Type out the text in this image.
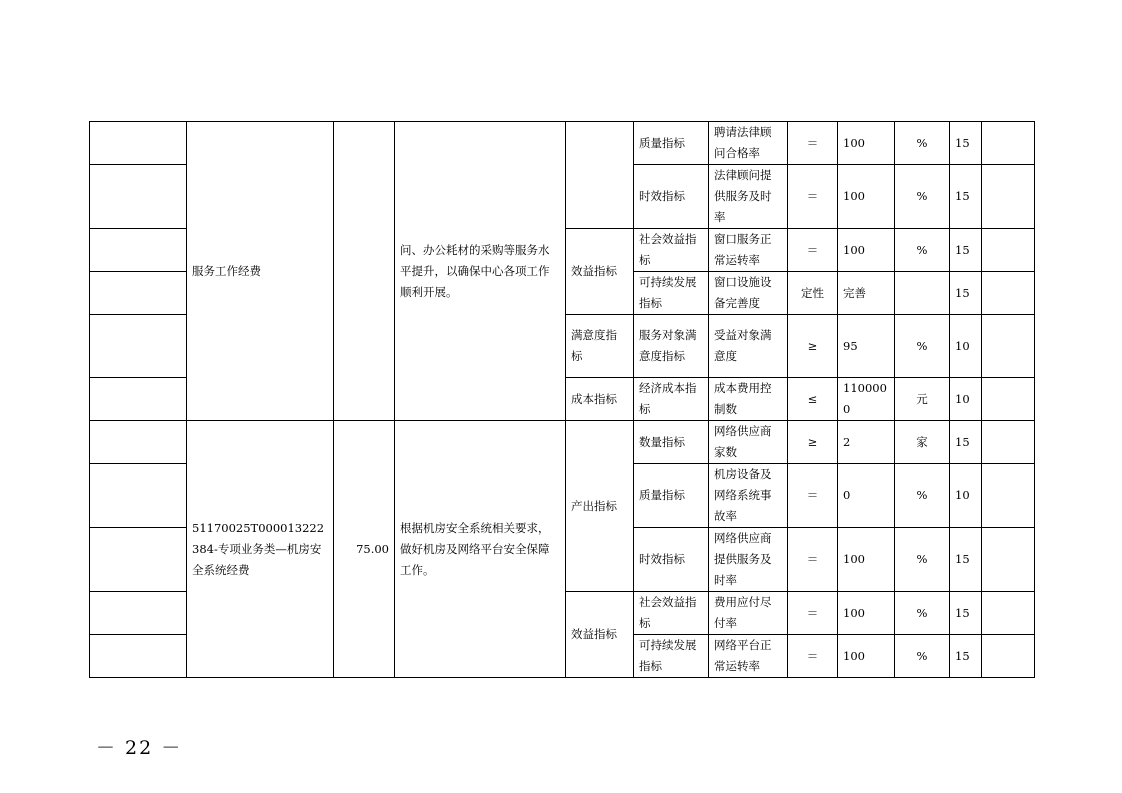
	服务工作经费		问、办公耗材的采购等服务水平提升，以确保中心各项工作顺利开展。		质量指标	聘请法律顾问合格率	＝	100	%	15	
					时效指标	法律顾问提供服务及时率	＝	100	%	15	
				效益指标	社会效益指标	窗口服务正常运转率	＝	100	%	15	
					可持续发展指标	窗口设施设备完善度	定性	完善		15	
				满意度指标	服务对象满意度指标	受益对象满意度	≥	95	%	10	
				成本指标	经济成本指标	成本费用控制数	≤	1100000	元	10	
	51170025T000013222384-专项业务类—机房安全系统经费	75.00	根据机房安全系统相关要求，做好机房及网络平台安全保障工作。	产出指标	数量指标	网络供应商家数	≥	2	家	15	
					质量指标	机房设备及网络系统事故率	＝	0	%	10	
					时效指标	网络供应商提供服务及时率	＝	100	%	15	
				效益指标	社会效益指标	费用应付尽付率	＝	100	%	15	
					可持续发展指标	网络平台正常运转率	＝	100	%	15	
－ 22 －
